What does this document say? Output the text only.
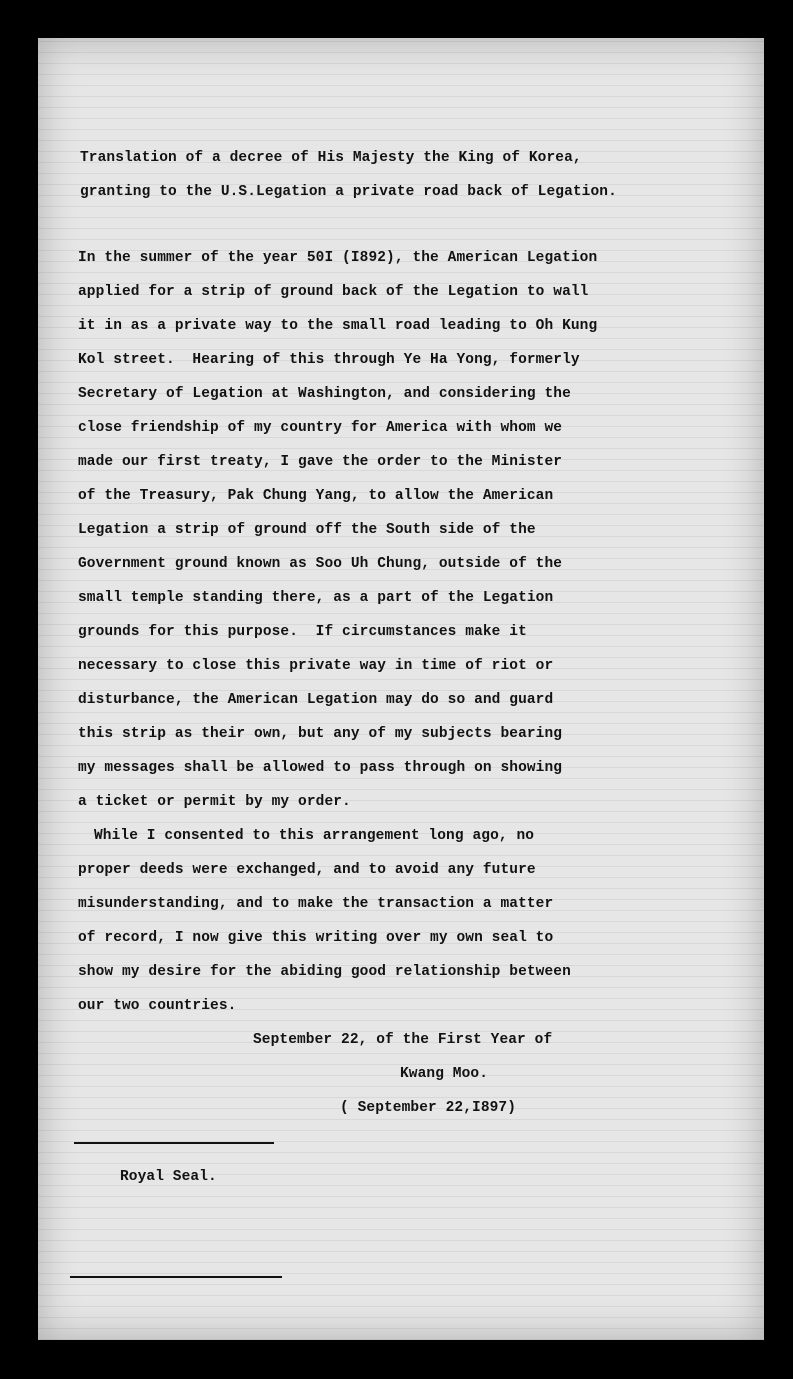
Translation of a decree of His Majesty the King of Korea,
granting to the U.S.Legation a private road back of Legation.
In the summer of the year 50I (I892), the American Legation
applied for a strip of ground back of the Legation to wall
it in as a private way to the small road leading to Oh Kung
Kol street.  Hearing of this through Ye Ha Yong, formerly
Secretary of Legation at Washington, and considering the
close friendship of my country for America with whom we
made our first treaty, I gave the order to the Minister
of the Treasury, Pak Chung Yang, to allow the American
Legation a strip of ground off the South side of the
Government ground known as Soo Uh Chung, outside of the
small temple standing there, as a part of the Legation
grounds for this purpose.  If circumstances make it
necessary to close this private way in time of riot or
disturbance, the American Legation may do so and guard
this strip as their own, but any of my subjects bearing
my messages shall be allowed to pass through on showing
a ticket or permit by my order.
While I consented to this arrangement long ago, no
proper deeds were exchanged, and to avoid any future
misunderstanding, and to make the transaction a matter
of record, I now give this writing over my own seal to
show my desire for the abiding good relationship between
our two countries.
September 22, of the First Year of
Kwang Moo.
( September 22,I897)
Royal Seal.
